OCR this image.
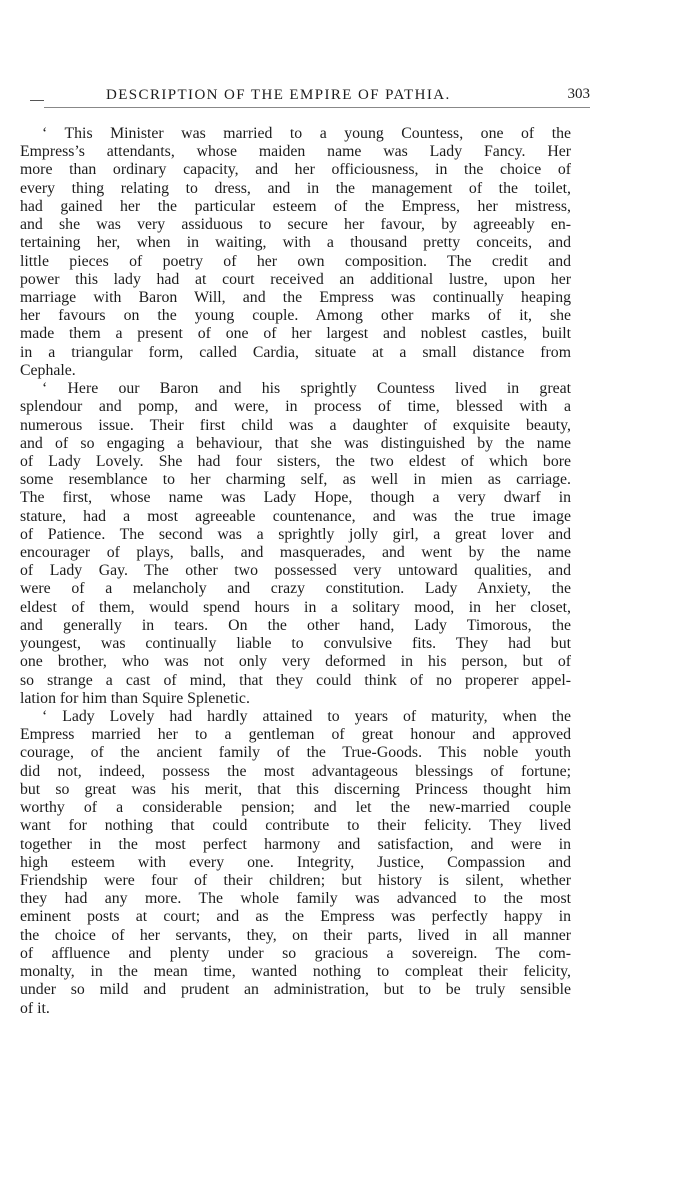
DESCRIPTION OF THE EMPIRE OF PATHIA.	303
‘ This Minister was married to a young Countess, one of the
Empress’s attendants, whose maiden name was Lady Fancy. Her
more than ordinary capacity, and her officiousness, in the choice of
every thing relating to dress, and in the management of the toilet,
had gained her the particular esteem of the Empress, her mistress,
and she was very assiduous to secure her favour, by agreeably en-
tertaining her, when in waiting, with a thousand pretty conceits, and
little pieces of poetry of her own composition. The credit and
power this lady had at court received an additional lustre, upon her
marriage with Baron Will, and the Empress was continually heaping
her favours on the young couple. Among other marks of it, she
made them a present of one of her largest and noblest castles, built
in a triangular form, called Cardia, situate at a small distance from
Cephale.
‘ Here our Baron and his sprightly Countess lived in great
splendour and pomp, and were, in process of time, blessed with a
numerous issue. Their first child was a daughter of exquisite beauty,
and of so engaging a behaviour, that she was distinguished by the name
of Lady Lovely. She had four sisters, the two eldest of which bore
some resemblance to her charming self, as well in mien as carriage.
The first, whose name was Lady Hope, though a very dwarf in
stature, had a most agreeable countenance, and was the true image
of Patience. The second was a sprightly jolly girl, a great lover and
encourager of plays, balls, and masquerades, and went by the name
of Lady Gay. The other two possessed very untoward qualities, and
were of a melancholy and crazy constitution. Lady Anxiety, the
eldest of them, would spend hours in a solitary mood, in her closet,
and generally in tears. On the other hand, Lady Timorous, the
youngest, was continually liable to convulsive fits. They had but
one brother, who was not only very deformed in his person, but of
so strange a cast of mind, that they could think of no properer appel-
lation for him than Squire Splenetic.
‘ Lady Lovely had hardly attained to years of maturity, when the
Empress married her to a gentleman of great honour and approved
courage, of the ancient family of the True-Goods. This noble youth
did not, indeed, possess the most advantageous blessings of fortune;
but so great was his merit, that this discerning Princess thought him
worthy of a considerable pension; and let the new-married couple
want for nothing that could contribute to their felicity. They lived
together in the most perfect harmony and satisfaction, and were in
high esteem with every one. Integrity, Justice, Compassion and
Friendship were four of their children; but history is silent, whether
they had any more. The whole family was advanced to the most
eminent posts at court; and as the Empress was perfectly happy in
the choice of her servants, they, on their parts, lived in all manner
of affluence and plenty under so gracious a sovereign. The com-
monalty, in the mean time, wanted nothing to compleat their felicity,
under so mild and prudent an administration, but to be truly sensible
of it.
